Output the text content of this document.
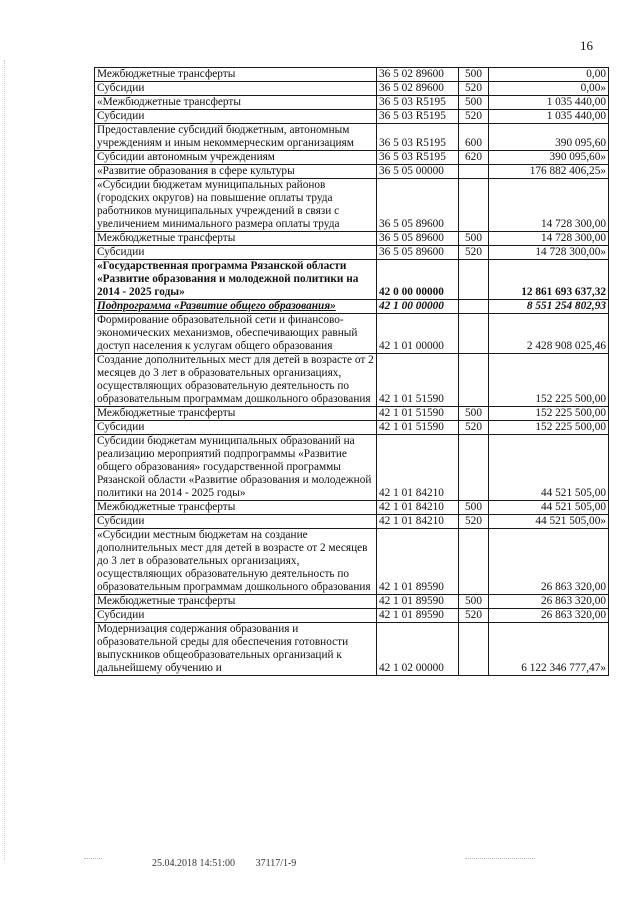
16
Межбюджетные трансферты	36 5 02 89600	500	0,00
Субсидии	36 5 02 89600	520	0,00»
«Межбюджетные трансферты	36 5 03 R5195	500	1 035 440,00
Субсидии	36 5 03 R5195	520	1 035 440,00
Предоставление субсидий бюджетным, автономным учреждениям и иным некоммерческим организациям	36 5 03 R5195	600	390 095,60
Субсидии автономным учреждениям	36 5 03 R5195	620	390 095,60»
«Развитие образования в сфере культуры	36 5 05 00000		176 882 406,25»
«Субсидии бюджетам муниципальных районов (городских округов) на повышение оплаты труда работников муниципальных учреждений в связи с увеличением минимального размера оплаты труда	36 5 05 89600		14 728 300,00
Межбюджетные трансферты	36 5 05 89600	500	14 728 300,00
Субсидии	36 5 05 89600	520	14 728 300,00»
«Государственная программа Рязанской области «Развитие образования и молодежной политики на 2014 - 2025 годы»	42 0 00 00000		12 861 693 637,32
Подпрограмма «Развитие общего образования»	42 1 00 00000		8 551 254 802,93
Формирование образовательной сети и финансово-экономических механизмов, обеспечивающих равный доступ населения к услугам общего образования	42 1 01 00000		2 428 908 025,46
Создание дополнительных мест для детей в возрасте от 2 месяцев до 3 лет в образовательных организациях, осуществляющих образовательную деятельность по образовательным программам дошкольного образования	42 1 01 51590		152 225 500,00
Межбюджетные трансферты	42 1 01 51590	500	152 225 500,00
Субсидии	42 1 01 51590	520	152 225 500,00
Субсидии бюджетам муниципальных образований на реализацию мероприятий подпрограммы «Развитие общего образования» государственной программы Рязанской области «Развитие образования и молодежной политики на 2014 - 2025 годы»	42 1 01 84210		44 521 505,00
Межбюджетные трансферты	42 1 01 84210	500	44 521 505,00
Субсидии	42 1 01 84210	520	44 521 505,00»
«Субсидии местным бюджетам на создание дополнительных мест для детей в возрасте от 2 месяцев до 3 лет в образовательных организациях, осуществляющих образовательную деятельность по образовательным программам дошкольного образования	42 1 01 89590		26 863 320,00
Межбюджетные трансферты	42 1 01 89590	500	26 863 320,00
Субсидии	42 1 01 89590	520	26 863 320,00
Модернизация содержания образования и образовательной среды для обеспечения готовности выпускников общеобразовательных организаций к дальнейшему обучению и	42 1 02 00000		6 122 346 777,47»
25.04.2018 14:51:00 37117/1-9
